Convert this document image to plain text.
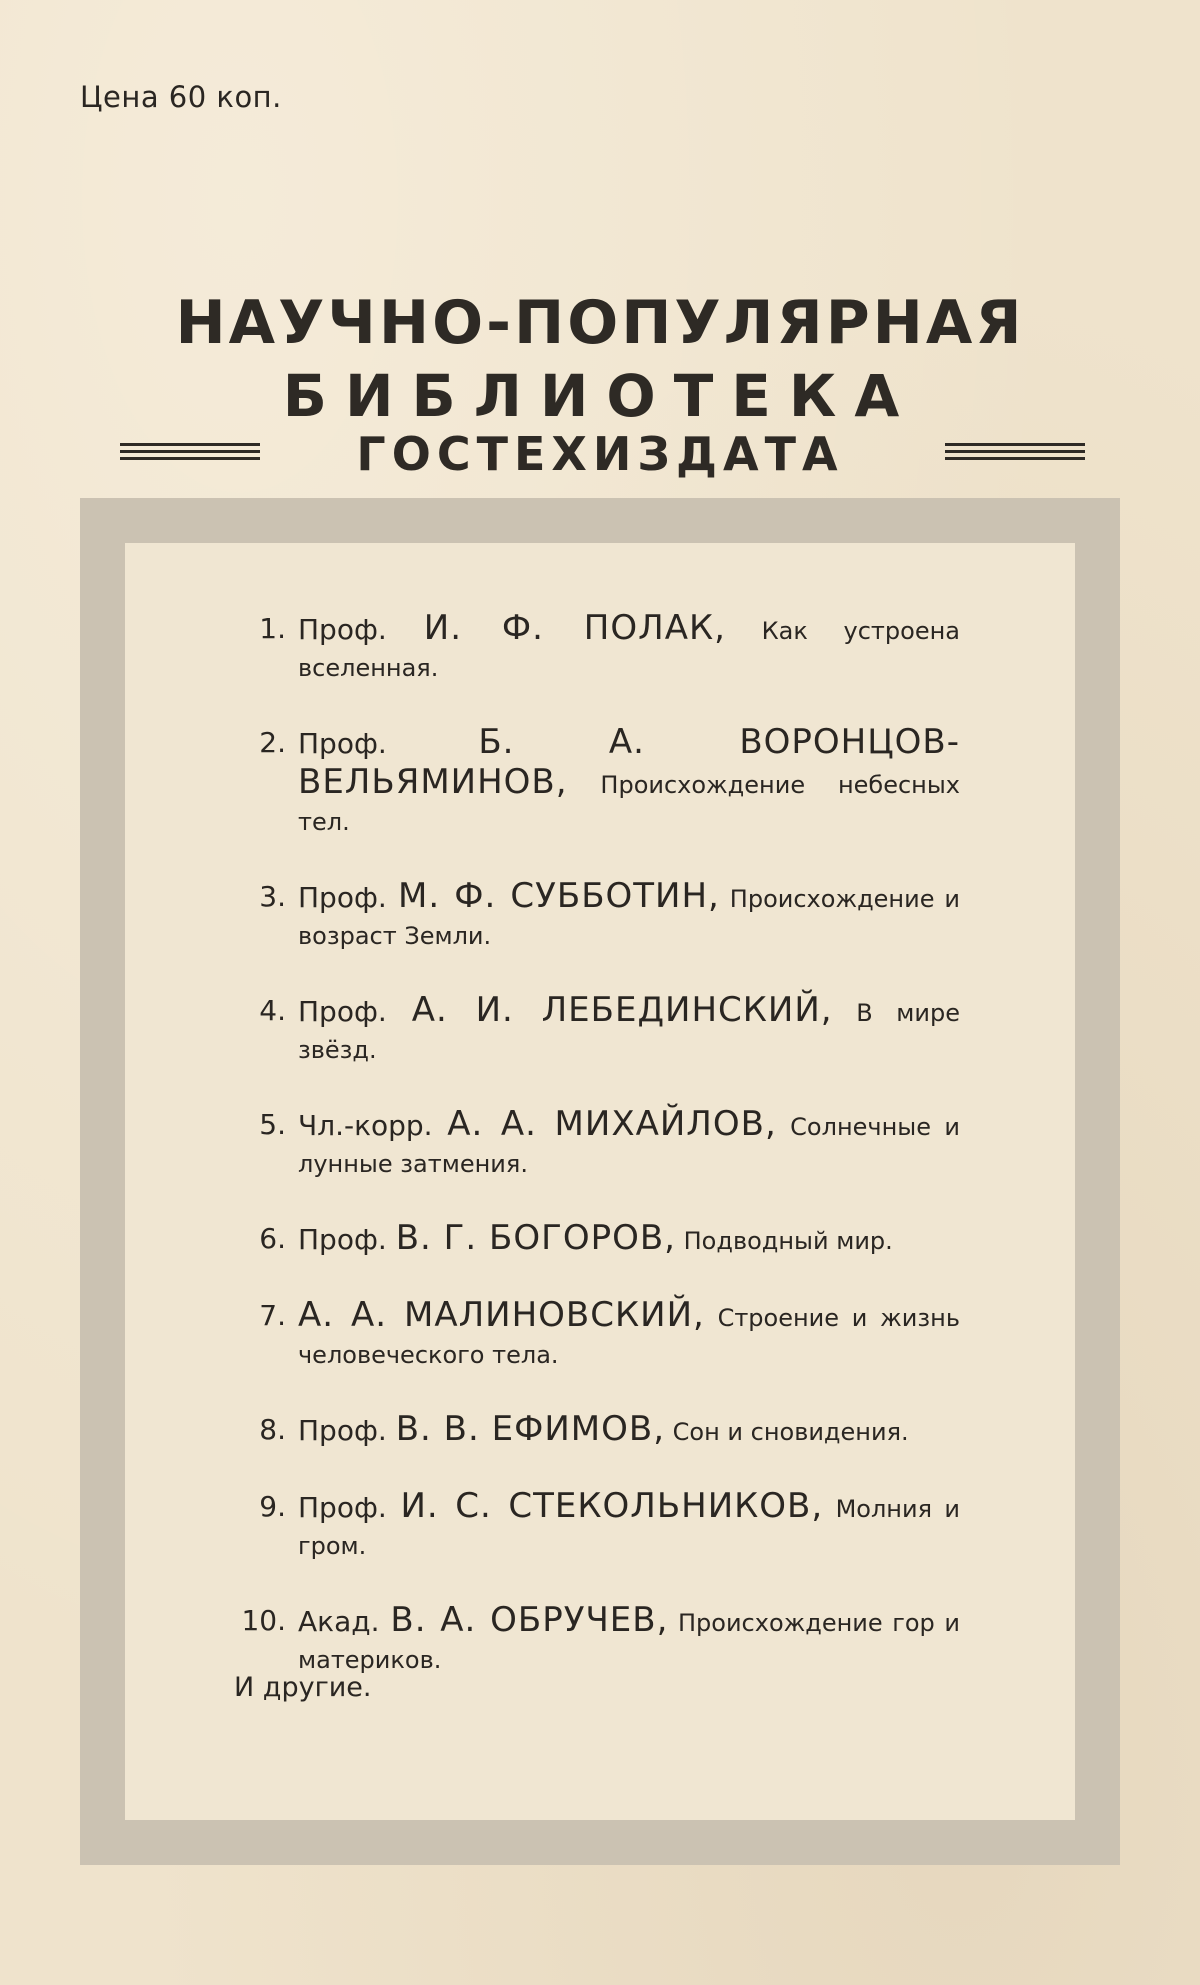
Цена 60 коп.
НАУЧНО-ПОПУЛЯРНАЯ
БИБЛИОТЕКА
ГОСТЕХИЗДАТА
1. Проф. И. Ф. ПОЛАК, Как устроена вселенная.
2. Проф. Б. А. ВОРОНЦОВ-ВЕЛЬЯМИНОВ, Происхождение небесных тел.
3. Проф. М. Ф. СУББОТИН, Происхождение и возраст Земли.
4. Проф. А. И. ЛЕБЕДИНСКИЙ, В мире звёзд.
5. Чл.-корр. А. А. МИХАЙЛОВ, Солнечные и лунные затмения.
6. Проф. В. Г. БОГОРОВ, Подводный мир.
7. А. А. МАЛИНОВСКИЙ, Строение и жизнь человеческого тела.
8. Проф. В. В. ЕФИМОВ, Сон и сновидения.
9. Проф. И. С. СТЕКОЛЬНИКОВ, Молния и гром.
10. Акад. В. А. ОБРУЧЕВ, Происхождение гор и материков.
И другие.
